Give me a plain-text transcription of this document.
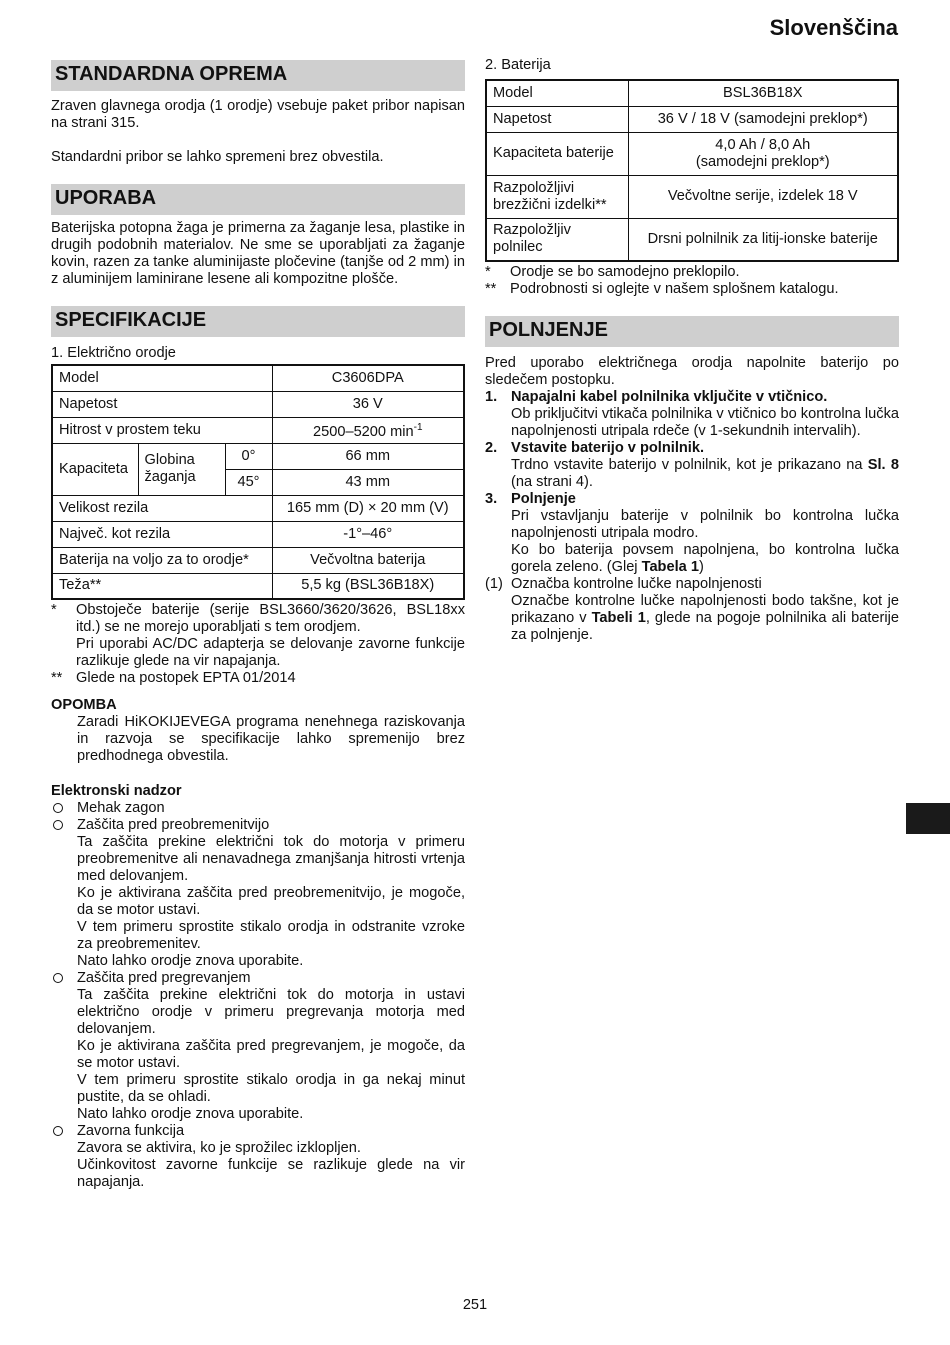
Slovenščina
STANDARDNA OPREMA

Zraven glavnega orodja (1 orodje) vsebuje paket pribor napisan na strani 315.

Standardni pribor se lahko spremeni brez obvestila.

UPORABA

Baterijska potopna žaga je primerna za žaganje lesa, plastike in drugih podobnih materialov. Ne sme se uporabljati za žaganje kovin, razen za tanke aluminijaste pločevine (tanjše od 2 mm) in z aluminijem laminirane lesene ali kompozitne plošče.

SPECIFIKACIJE
1. Električno orodje
Model			C3606DPA
Napetost			36 V
Hitrost v prostem teku			2500–5200 $\min^{-1}$
Kapaciteta	Globina žaganja	0°	66 mm
		45°	43 mm
Velikost rezila			165 mm (D) × 20 mm (V)
Največ. kot rezila			-1°–46°
Baterija na voljo za to orodje*			Večvoltna baterija
Teža**			5,5 kg (BSL36B18X)
*	Obstoječe baterije (serije BSL3660/3620/3626, BSL18xx itd.) se ne morejo uporabljati s tem orodjem.

Pri uporabi AC/DC adapterja se delovanje zavorne funkcije razlikuje glede na vir napajanja.

** Glede na postopek EPTA 01/2014
OPOMBA

Zaradi HiKOKIJEVEGA programa nenehnega raziskovanja in razvoja se specifikacije lahko spremenijo brez predhodnega obvestila.

Elektronski nadzor
Mehak zagon
Zaščita pred preobremenitvijo

Ta zaščita prekine električni tok do motorja v primeru preobremenitve ali nenavadnega zmanjšanja hitrosti vrtenja med delovanjem.

Ko je aktivirana zaščita pred preobremenitvijo, je mogoče, da se motor ustavi.

V tem primeru sprostite stikalo orodja in odstranite vzroke za preobremenitev.

Nato lahko orodje znova uporabite.

Zaščita pred pregrevanjem

Ta zaščita prekine električni tok do motorja in ustavi električno orodje v primeru pregrevanja motorja med delovanjem.

Ko je aktivirana zaščita pred pregrevanjem, je mogoče, da se motor ustavi.

V tem primeru sprostite stikalo orodja in ga nekaj minut pustite, da se ohladi.

Nato lahko orodje znova uporabite.

Zavorna funkcija

Zavora se aktivira, ko je sprožilec izklopljen.

Učinkovitost zavorne funkcije se razlikuje glede na vir napajanja.

2. Baterija
Model	BSL36B18X
Napetost	36 V / 18 V (samodejni preklop*)
Kapaciteta baterije	4,0 Ah / 8,0 Ah
(samodejni preklop*)

Razpoložljivi brezžični izdelki**	Večvoltne serije, izdelek 18 V
Razpoložljiv polnilec	Drsni polnilnik za litij-ionske baterije
*	Orodje se bo samodejno preklopilo.
** Podrobnosti si oglejte v našem splošnem katalogu.
POLNJENJE

Pred uporabo električnega orodja napolnite baterijo po sledečem postopku.

1. Napajalni kabel polnilnika vključite v vtičnico.

Ob priključitvi vtikača polnilnika v vtičnico bo kontrolna lučka napolnjenosti utripala rdeče (v 1-sekundnih intervalih).

2. Vstavite baterijo v polnilnik.

Trdno vstavite baterijo v polnilnik, kot je prikazano na Sl. 8 (na strani 4).

3. Polnjenje

Pri vstavljanju baterije v polnilnik bo kontrolna lučka napolnjenosti utripala modro.

Ko bo baterija povsem napolnjena, bo kontrolna lučka gorela zeleno. (Glej Tabela 1)

(1) Označba kontrolne lučke napolnjenosti

Označbe kontrolne lučke napolnjenosti bodo takšne, kot je prikazano v Tabeli 1, glede na pogoje polnilnika ali baterije za polnjenje.

251
